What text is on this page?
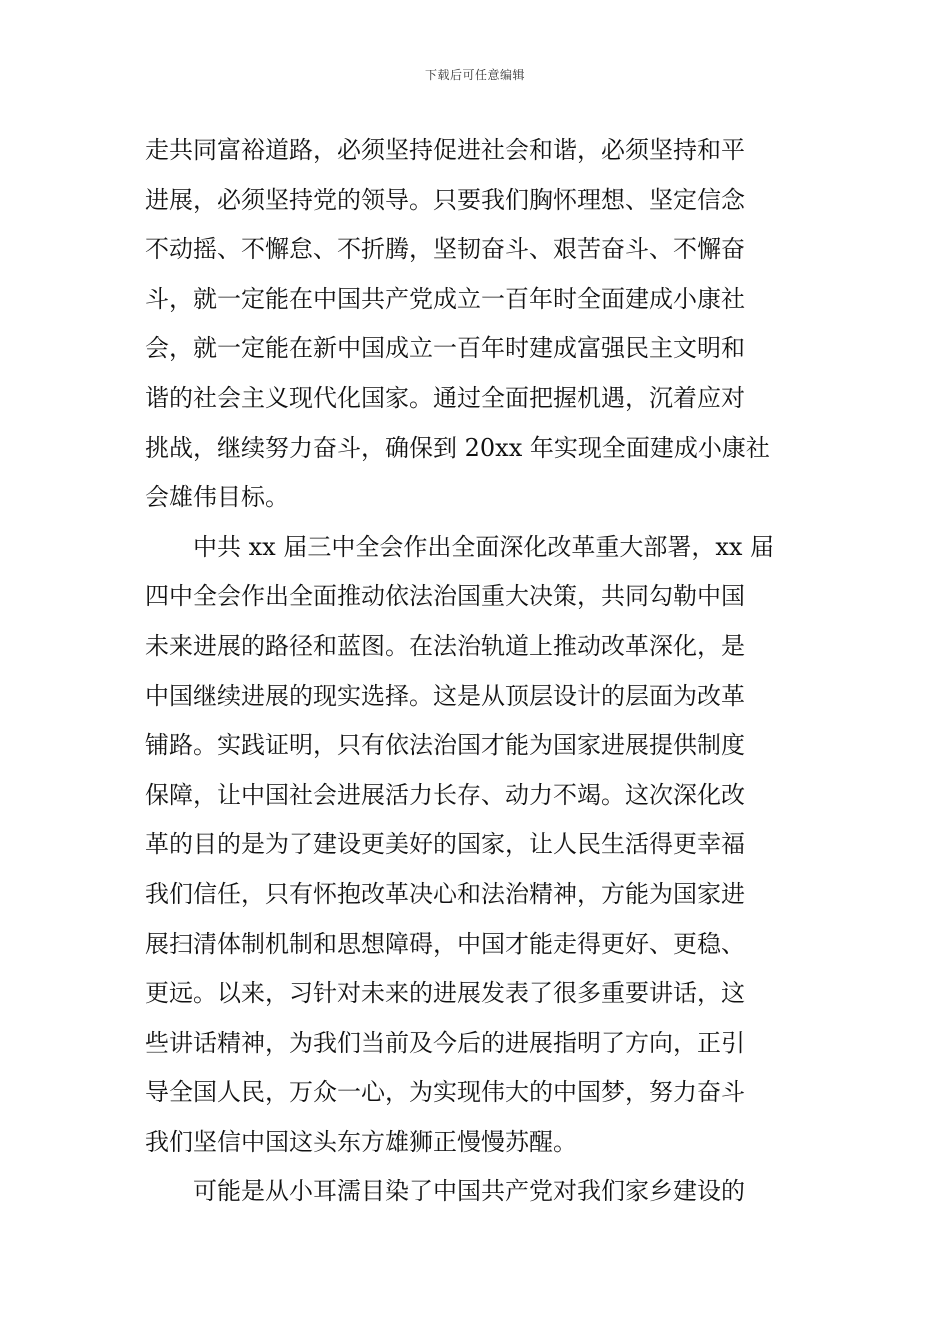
下载后可任意编辑
走共同富裕道路，必须坚持促进社会和谐，必须坚持和平
进展，必须坚持党的领导。只要我们胸怀理想、坚定信念
不动摇、不懈怠、不折腾，坚韧奋斗、艰苦奋斗、不懈奋
斗，就一定能在中国共产党成立一百年时全面建成小康社
会，就一定能在新中国成立一百年时建成富强民主文明和
谐的社会主义现代化国家。通过全面把握机遇，沉着应对
挑战，继续努力奋斗，确保到 20xx 年实现全面建成小康社
会雄伟目标。
中共 xx 届三中全会作出全面深化改革重大部署，xx 届
四中全会作出全面推动依法治国重大决策，共同勾勒中国
未来进展的路径和蓝图。在法治轨道上推动改革深化，是
中国继续进展的现实选择。这是从顶层设计的层面为改革
铺路。实践证明，只有依法治国才能为国家进展提供制度
保障，让中国社会进展活力长存、动力不竭。这次深化改
革的目的是为了建设更美好的国家，让人民生活得更幸福
我们信任，只有怀抱改革决心和法治精神，方能为国家进
展扫清体制机制和思想障碍，中国才能走得更好、更稳、
更远。以来，习针对未来的进展发表了很多重要讲话，这
些讲话精神，为我们当前及今后的进展指明了方向，正引
导全国人民，万众一心，为实现伟大的中国梦，努力奋斗
我们坚信中国这头东方雄狮正慢慢苏醒。
可能是从小耳濡目染了中国共产党对我们家乡建设的
